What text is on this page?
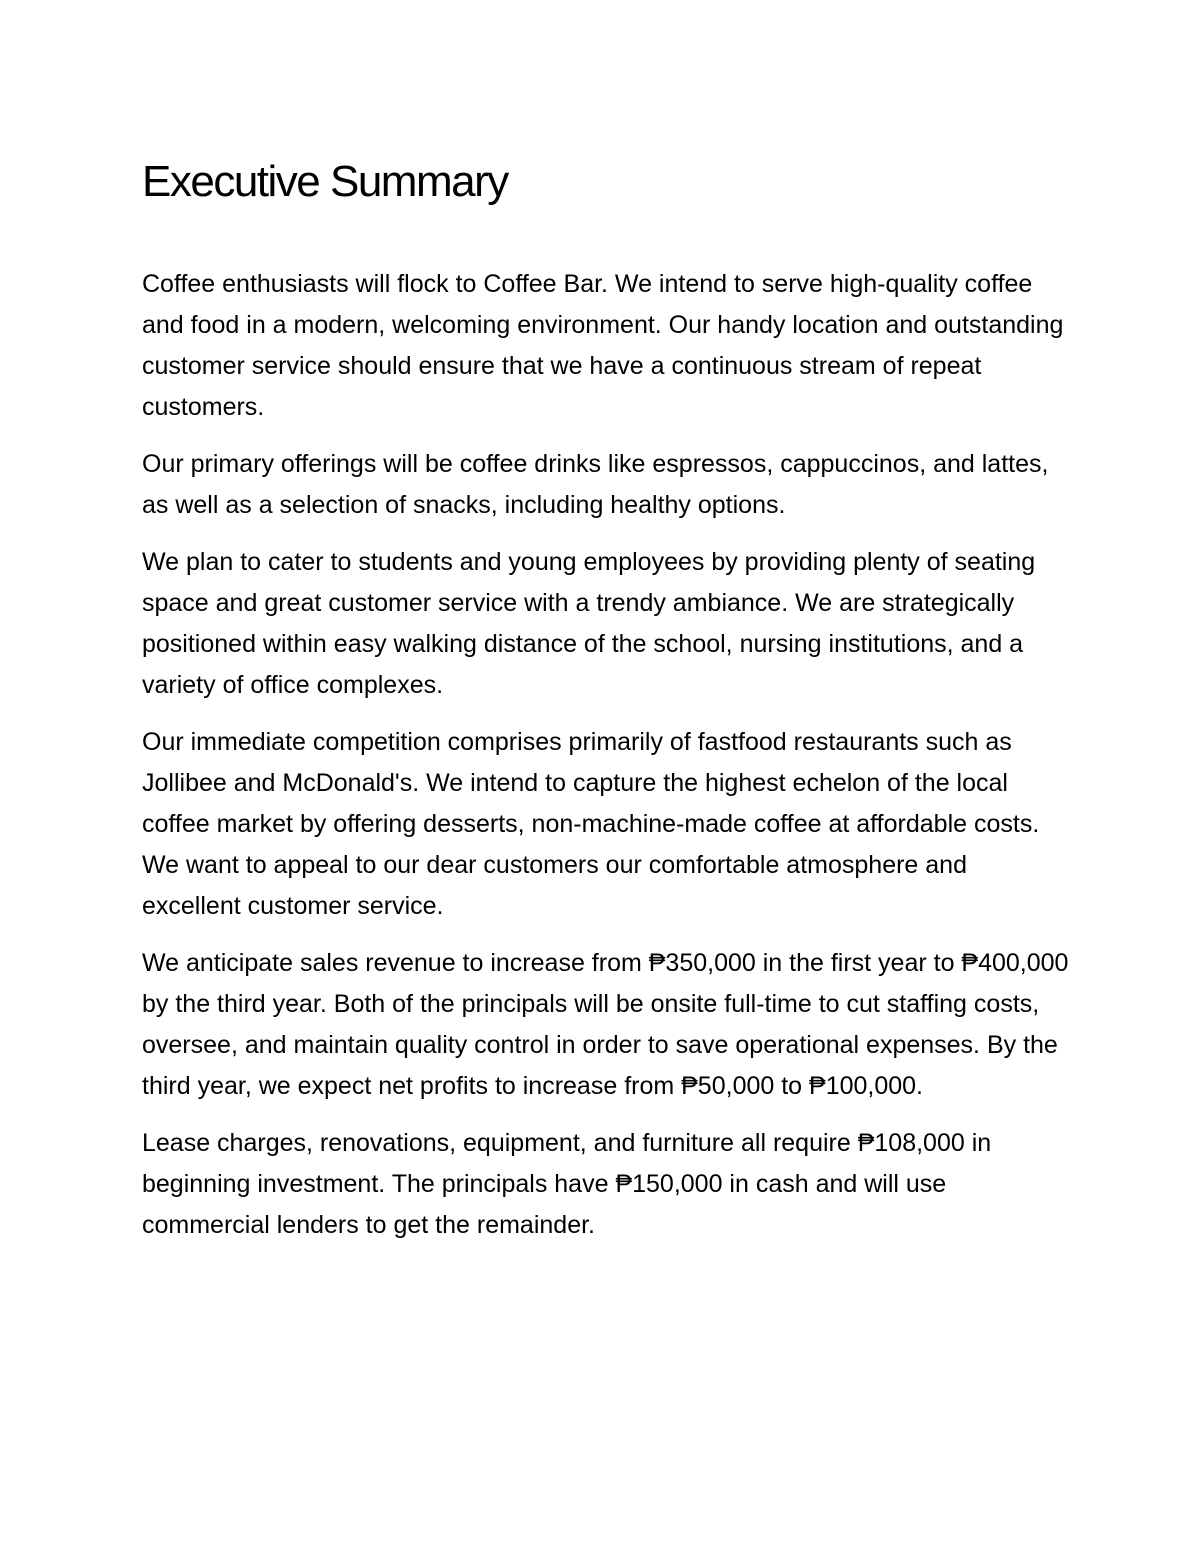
Executive Summary

Coffee enthusiasts will flock to Coffee Bar. We intend to serve high-quality coffee and food in a modern, welcoming environment. Our handy location and outstanding customer service should ensure that we have a continuous stream of repeat customers.

Our primary offerings will be coffee drinks like espressos, cappuccinos, and lattes, as well as a selection of snacks, including healthy options.

We plan to cater to students and young employees by providing plenty of seating space and great customer service with a trendy ambiance. We are strategically positioned within easy walking distance of the school, nursing institutions, and a variety of office complexes.

Our immediate competition comprises primarily of fastfood restaurants such as Jollibee and McDonald's. We intend to capture the highest echelon of the local coffee market by offering desserts, non-machine-made coffee at affordable costs. We want to appeal to our dear customers our comfortable atmosphere and excellent customer service.

We anticipate sales revenue to increase from ₱350,000 in the first year to ₱400,000 by the third year. Both of the principals will be onsite full-time to cut staffing costs, oversee, and maintain quality control in order to save operational expenses. By the third year, we expect net profits to increase from ₱50,000 to ₱100,000.

Lease charges, renovations, equipment, and furniture all require ₱108,000 in beginning investment. The principals have ₱150,000 in cash and will use commercial lenders to get the remainder.
